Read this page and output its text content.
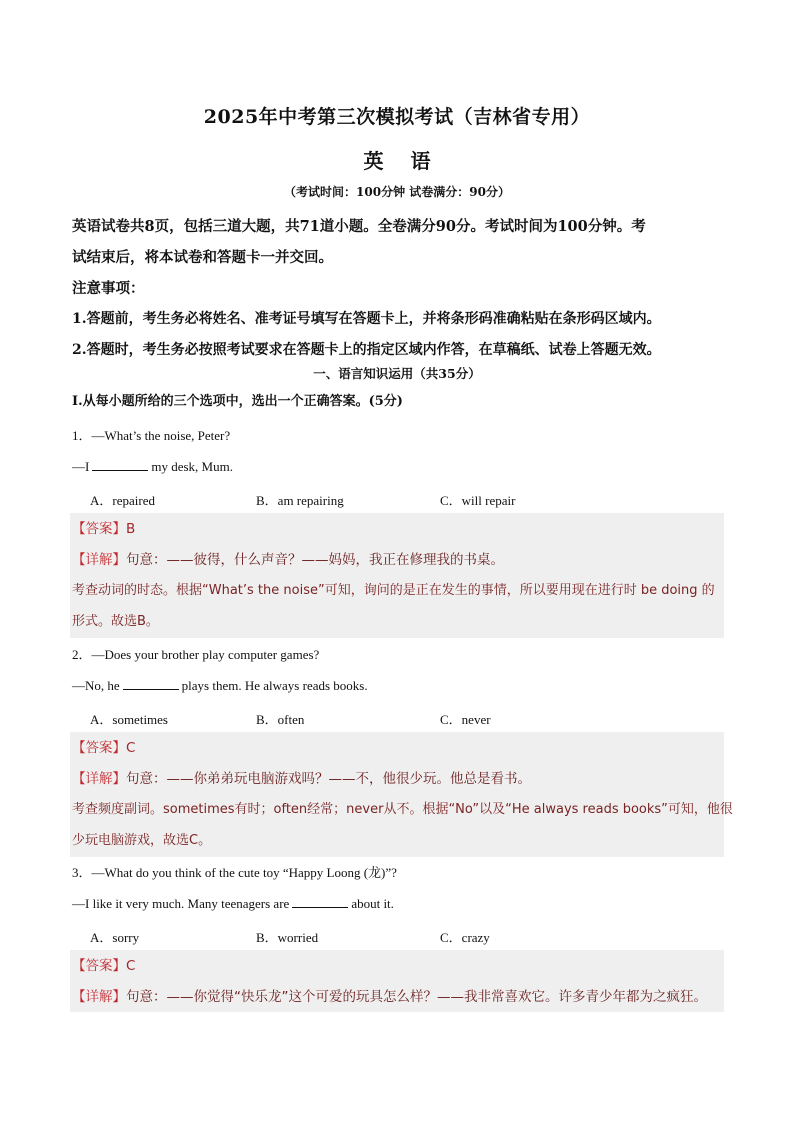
2025年中考第三次模拟考试（吉林省专用）
英 语
（考试时间：100分钟 试卷满分：90分）
英语试卷共8页，包括三道大题，共71道小题。全卷满分90分。考试时间为100分钟。考
试结束后，将本试卷和答题卡一并交回。
注意事项：
1.答题前，考生务必将姓名、准考证号填写在答题卡上，并将条形码准确粘贴在条形码区域内。
2.答题时，考生务必按照考试要求在答题卡上的指定区域内作答，在草稿纸、试卷上答题无效。
一、语言知识运用（共35分）
Ⅰ.从每小题所给的三个选项中，选出一个正确答案。(5分)
1．—What’s the noise, Peter?
—I	my desk, Mum.
A．repaired	B．am repairing	C．will repair
【答案】B
【详解】句意：——彼得，什么声音？——妈妈，我正在修理我的书桌。
考查动词的时态。根据“What’s the noise”可知，询问的是正在发生的事情，所以要用现在进行时 be doing 的
形式。故选B。
2．—Does your brother play computer games?
—No, he	plays them. He always reads books.
A．sometimes	B．often	C．never
【答案】C
【详解】句意：——你弟弟玩电脑游戏吗？——不，他很少玩。他总是看书。
考查频度副词。sometimes有时；often经常；never从不。根据“No”以及“He always reads books”可知，他很
少玩电脑游戏，故选C。
3．—What do you think of the cute toy “Happy Loong (龙)”?
—I like it very much. Many teenagers are	about it.
A．sorry	B．worried	C．crazy
【答案】C
【详解】句意：——你觉得“快乐龙”这个可爱的玩具怎么样？——我非常喜欢它。许多青少年都为之疯狂。
